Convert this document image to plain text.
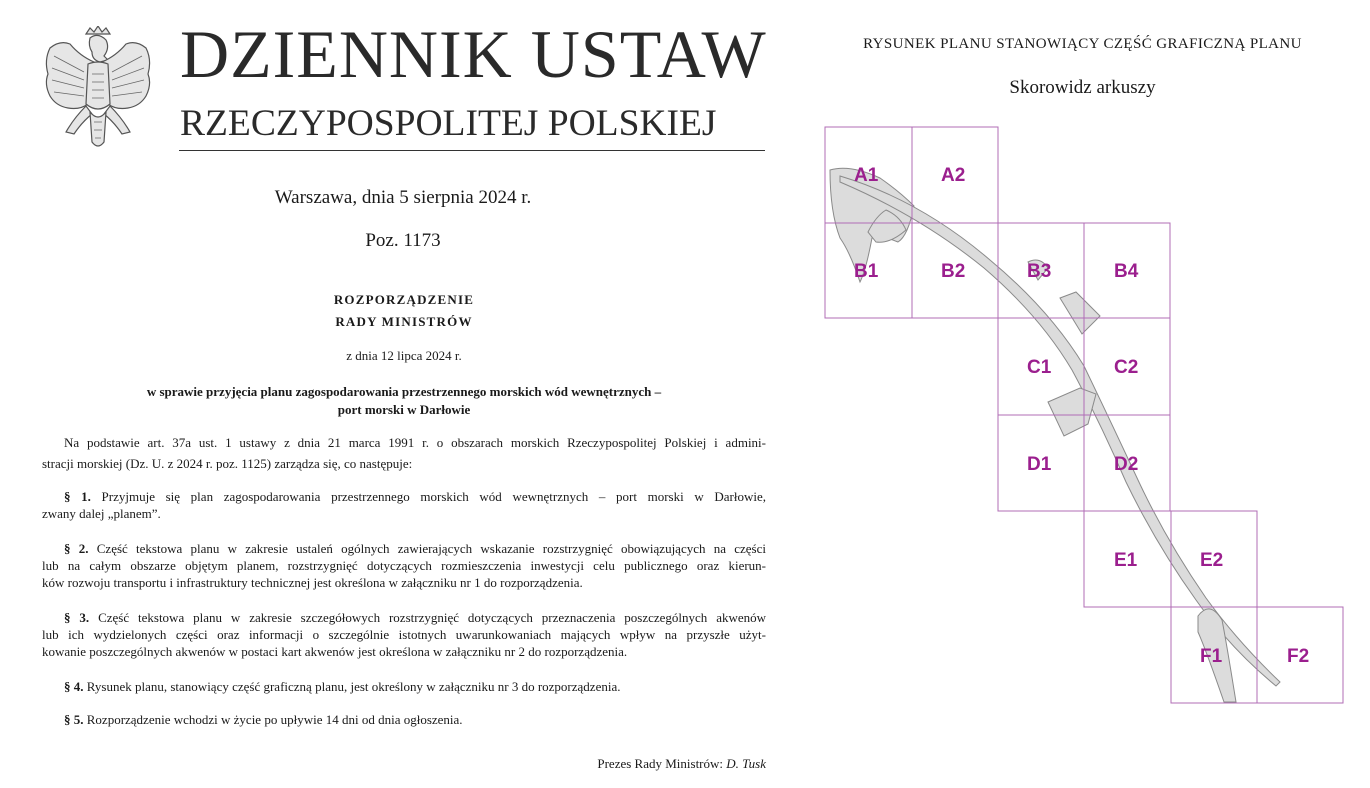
DZIENNIK USTAW
RZECZYPOSPOLITEJ POLSKIEJ
Warszawa, dnia 5 sierpnia 2024 r.
Poz. 1173
ROZPORZĄDZENIE
RADY MINISTRÓW
z dnia 12 lipca 2024 r.
w sprawie przyjęcia planu zagospodarowania przestrzennego morskich wód wewnętrznych –
port morski w Darłowie
Na podstawie art. 37a ust. 1 ustawy z dnia 21 marca 1991 r. o obszarach morskich Rzeczypospolitej Polskiej i admini-
stracji morskiej (Dz. U. z 2024 r. poz. 1125) zarządza się, co następuje:
§ 1. Przyjmuje się plan zagospodarowania przestrzennego morskich wód wewnętrznych – port morski w Darłowie,
zwany dalej „planem”.
§ 2. Część tekstowa planu w zakresie ustaleń ogólnych zawierających wskazanie rozstrzygnięć obowiązujących na części
lub na całym obszarze objętym planem, rozstrzygnięć dotyczących rozmieszczenia inwestycji celu publicznego oraz kierun-
ków rozwoju transportu i infrastruktury technicznej jest określona w załączniku nr 1 do rozporządzenia.
§ 3. Część tekstowa planu w zakresie szczegółowych rozstrzygnięć dotyczących przeznaczenia poszczególnych akwenów
lub ich wydzielonych części oraz informacji o szczególnie istotnych uwarunkowaniach mających wpływ na przyszłe użyt-
kowanie poszczególnych akwenów w postaci kart akwenów jest określona w załączniku nr 2 do rozporządzenia.
§ 4. Rysunek planu, stanowiący część graficzną planu, jest określony w załączniku nr 3 do rozporządzenia.
§ 5. Rozporządzenie wchodzi w życie po upływie 14 dni od dnia ogłoszenia.
Prezes Rady Ministrów: D. Tusk
RYSUNEK PLANU STANOWIĄCY CZĘŚĆ GRAFICZNĄ PLANU
Skorowidz arkuszy
A1	A2
B1	B2	B3	B4
C1	C2
D1	D2
E1	E2
F1	F2
